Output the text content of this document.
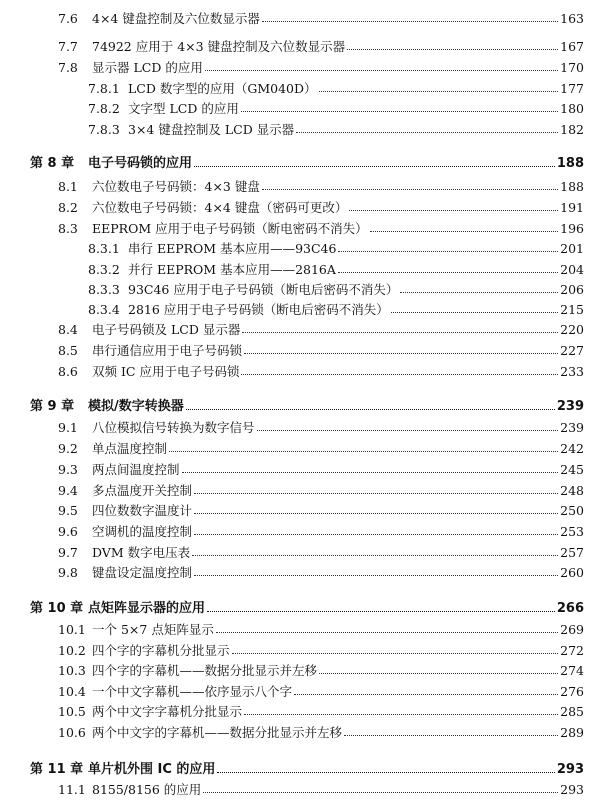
7.6	4×4 键盘控制及六位数显示器	163
7.7	74922 应用于 4×3 键盘控制及六位数显示器	167
7.8	显示器 LCD 的应用	170
7.8.1 LCD 数字型的应用（GM040D）	177
7.8.2 文字型 LCD 的应用	180
7.8.3 3×4 键盘控制及 LCD 显示器	182
第 8 章	电子号码锁的应用	188
8.1	六位数电子号码锁：4×3 键盘	188
8.2	六位数电子号码锁：4×4 键盘（密码可更改）	191
8.3	EEPROM 应用于电子号码锁（断电密码不消失）	196
8.3.1 串行 EEPROM 基本应用——93C46	201
8.3.2 并行 EEPROM 基本应用——2816A	204
8.3.3 93C46 应用于电子号码锁（断电后密码不消失）	206
8.3.4 2816 应用于电子号码锁（断电后密码不消失）	215
8.4	电子号码锁及 LCD 显示器	220
8.5	串行通信应用于电子号码锁	227
8.6	双频 IC 应用于电子号码锁	233
第 9 章	模拟/数字转换器	239
9.1	八位模拟信号转换为数字信号	239
9.2	单点温度控制	242
9.3	两点间温度控制	245
9.4	多点温度开关控制	248
9.5	四位数数字温度计	250
9.6	空调机的温度控制	253
9.7	DVM 数字电压表	257
9.8	键盘设定温度控制	260
第 10 章 点矩阵显示器的应用	266
10.1 一个 5×7 点矩阵显示	269
10.2 四个字的字幕机分批显示	272
10.3 四个字的字幕机——数据分批显示并左移	274
10.4 一个中文字幕机——依序显示八个字	276
10.5 两个中文字字幕机分批显示	285
10.6 两个中文字的字幕机——数据分批显示并左移	289
第 11 章 单片机外围 IC 的应用	293
11.1 8155/8156 的应用	293
